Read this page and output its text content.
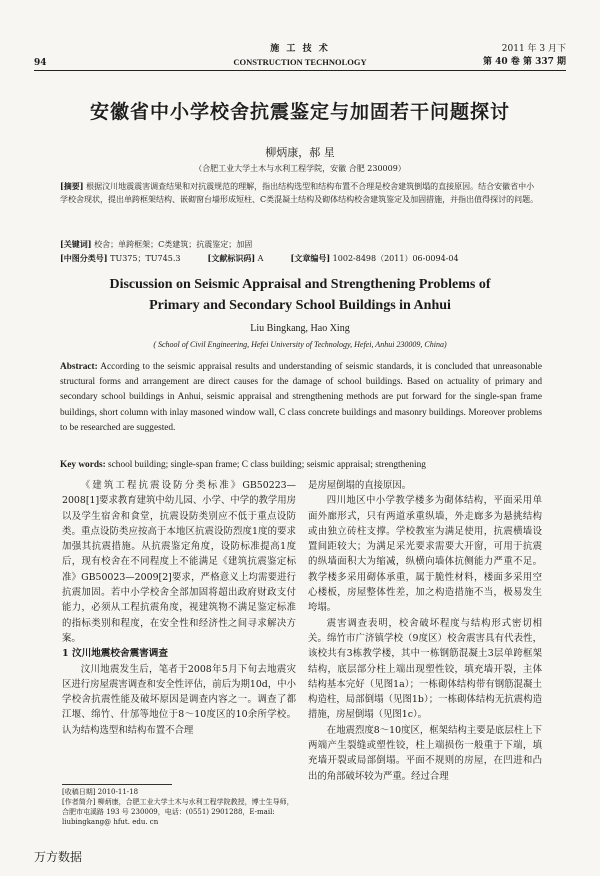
94
施 工 技 术
CONSTRUCTION TECHNOLOGY
2011 年 3 月下
第 40 卷 第 337 期
安徽省中小学校舍抗震鉴定与加固若干问题探讨
柳炳康，郝 星
（合肥工业大学土木与水利工程学院，安徽 合肥 230009）
[摘要] 根据汶川地震震害调查结果和对抗震规范的理解，指出结构选型和结构布置不合理是校舍建筑倒塌的直接原因。结合安徽省中小学校舍现状，提出单跨框架结构、嵌砌窗台墙形成短柱、C类混凝土结构及砌体结构校舍建筑鉴定及加固措施，并指出值得探讨的问题。
[关键词] 校舍；单跨框架；C类建筑；抗震鉴定；加固
[中图分类号] TU375；TU745.3	[文献标识码] A	[文章编号] 1002-8498（2011）06-0094-04
Discussion on Seismic Appraisal and Strengthening Problems of
Primary and Secondary School Buildings in Anhui
Liu Bingkang, Hao Xing
( School of Civil Engineering, Hefei University of Technology, Hefei, Anhui 230009, China)
Abstract: According to the seismic appraisal results and understanding of seismic standards, it is concluded that unreasonable structural forms and arrangement are direct causes for the damage of school buildings. Based on actuality of primary and secondary school buildings in Anhui, seismic appraisal and strengthening methods are put forward for the single-span frame buildings, short column with inlay masoned window wall, C class concrete buildings and masonry buildings. Moreover problems to be researched are suggested.
Key words: school building; single-span frame; C class building; seismic appraisal; strengthening

《建筑工程抗震设防分类标准》GB50223—2008[1]要求教育建筑中幼儿园、小学、中学的教学用房以及学生宿舍和食堂，抗震设防类别应不低于重点设防类。重点设防类应按高于本地区抗震设防烈度1度的要求加强其抗震措施。从抗震鉴定角度，设防标准提高1度后，现有校舍在不同程度上不能满足《建筑抗震鉴定标准》GB50023—2009[2]要求，严格意义上均需要进行抗震加固。若中小学校舍全部加固将超出政府财政支付能力，必须从工程抗震角度，视建筑物不满足鉴定标准的指标类别和程度，在安全性和经济性之间寻求解决方案。

1 汶川地震校舍震害调查

汶川地震发生后，笔者于2008年5月下旬去地震灾区进行房屋震害调查和安全性评估，前后为期10d，中小学校舍抗震性能及破坏原因是调查内容之一。调查了都江堰、绵竹、什邡等地位于8～10度区的10余所学校。认为结构选型和结构布置不合理

[收稿日期] 2010-11-18
[作者简介] 柳炳康，合肥工业大学土木与水利工程学院教授，博士生导师，合肥市屯溪路 193 号 230009，电话：(0551) 2901288，E-mail: liubingkang@ hfut. edu. cn

是房屋倒塌的直接原因。

四川地区中小学教学楼多为砌体结构，平面采用单面外廊形式，只有两道承重纵墙，外走廊多为悬挑结构或由独立砖柱支撑。学校教室为满足使用，抗震横墙设置间距较大；为满足采光要求需要大开窗，可用于抗震的纵墙面积大为缩减，纵横向墙体抗侧能力严重不足。教学楼多采用砌体承重，属于脆性材料，楼面多采用空心楼板，房屋整体性差，加之构造措施不当，极易发生垮塌。

震害调查表明，校舍破坏程度与结构形式密切相关。绵竹市广济镇学校（9度区）校舍震害具有代表性，该校共有3栋教学楼，其中一栋钢筋混凝土3层单跨框架结构，底层部分柱上端出现塑性铰，填充墙开裂，主体结构基本完好（见图1a）；一栋砌体结构带有钢筋混凝土构造柱，局部倒塌（见图1b）；一栋砌体结构无抗震构造措施，房屋倒塌（见图1c）。

在地震烈度8～10度区，框架结构主要是底层柱上下两端产生裂缝或塑性铰，柱上端损伤一般重于下端，填充墙开裂或局部倒塌。平面不规则的房屋，在凹进和凸出的角部破坏较为严重。经过合理

万方数据
